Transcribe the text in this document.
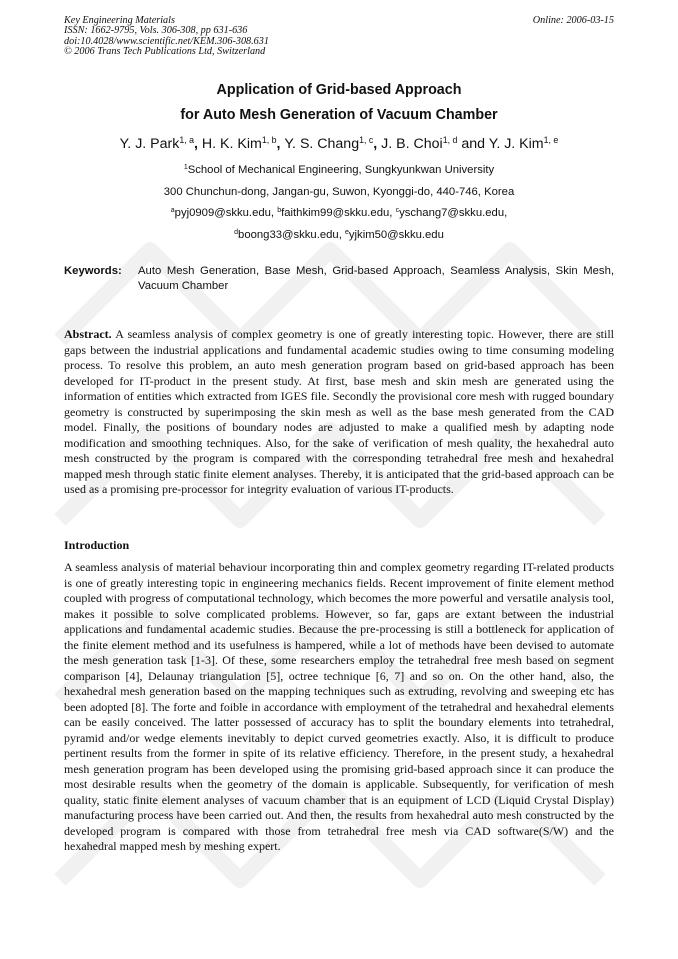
Key Engineering Materials
ISSN: 1662-9795, Vols. 306-308, pp 631-636
doi:10.4028/www.scientific.net/KEM.306-308.631
© 2006 Trans Tech Publications Ltd, Switzerland
Online: 2006-03-15
Application of Grid-based Approach
for Auto Mesh Generation of Vacuum Chamber
Y. J. Park$^{1, a}$, H. K. Kim$^{1, b}$, Y. S. Chang$^{1, c}$, J. B. Choi$^{1, d}$ and Y. J. Kim$^{1, e}$
$^1$School of Mechanical Engineering, Sungkyunkwan University
300 Chunchun-dong, Jangan-gu, Suwon, Kyonggi-do, 440-746, Korea
$^a$pyj0909@skku.edu, $^b$faithkim99@skku.edu, $^c$yschang7@skku.edu,
$^d$boong33@skku.edu, $^e$yjkim50@skku.edu
Keywords: Auto Mesh Generation, Base Mesh, Grid-based Approach, Seamless Analysis, Skin Mesh, Vacuum Chamber
Abstract. A seamless analysis of complex geometry is one of greatly interesting topic. However, there are still gaps between the industrial applications and fundamental academic studies owing to time consuming modeling process. To resolve this problem, an auto mesh generation program based on grid-based approach has been developed for IT-product in the present study. At first, base mesh and skin mesh are generated using the information of entities which extracted from IGES file. Secondly the provisional core mesh with rugged boundary geometry is constructed by superimposing the skin mesh as well as the base mesh generated from the CAD model. Finally, the positions of boundary nodes are adjusted to make a qualified mesh by adapting node modification and smoothing techniques. Also, for the sake of verification of mesh quality, the hexahedral auto mesh constructed by the program is compared with the corresponding tetrahedral free mesh and hexahedral mapped mesh through static finite element analyses. Thereby, it is anticipated that the grid-based approach can be used as a promising pre-processor for integrity evaluation of various IT-products.
Introduction
A seamless analysis of material behaviour incorporating thin and complex geometry regarding IT-related products is one of greatly interesting topic in engineering mechanics fields. Recent improvement of finite element method coupled with progress of computational technology, which becomes the more powerful and versatile analysis tool, makes it possible to solve complicated problems. However, so far, gaps are extant between the industrial applications and fundamental academic studies. Because the pre-processing is still a bottleneck for application of the finite element method and its usefulness is hampered, while a lot of methods have been devised to automate the mesh generation task [1-3]. Of these, some researchers employ the tetrahedral free mesh based on segment comparison [4], Delaunay triangulation [5], octree technique [6, 7] and so on. On the other hand, also, the hexahedral mesh generation based on the mapping techniques such as extruding, revolving and sweeping etc has been adopted [8]. The forte and foible in accordance with employment of the tetrahedral and hexahedral elements can be easily conceived. The latter possessed of accuracy has to split the boundary elements into tetrahedral, pyramid and/or wedge elements inevitably to depict curved geometries exactly. Also, it is difficult to produce pertinent results from the former in spite of its relative efficiency. Therefore, in the present study, a hexahedral mesh generation program has been developed using the promising grid-based approach since it can produce the most desirable results when the geometry of the domain is applicable. Subsequently, for verification of mesh quality, static finite element analyses of vacuum chamber that is an equipment of LCD (Liquid Crystal Display) manufacturing process have been carried out. And then, the results from hexahedral auto mesh constructed by the developed program is compared with those from tetrahedral free mesh via CAD software(S/W) and the hexahedral mapped mesh by meshing expert.
